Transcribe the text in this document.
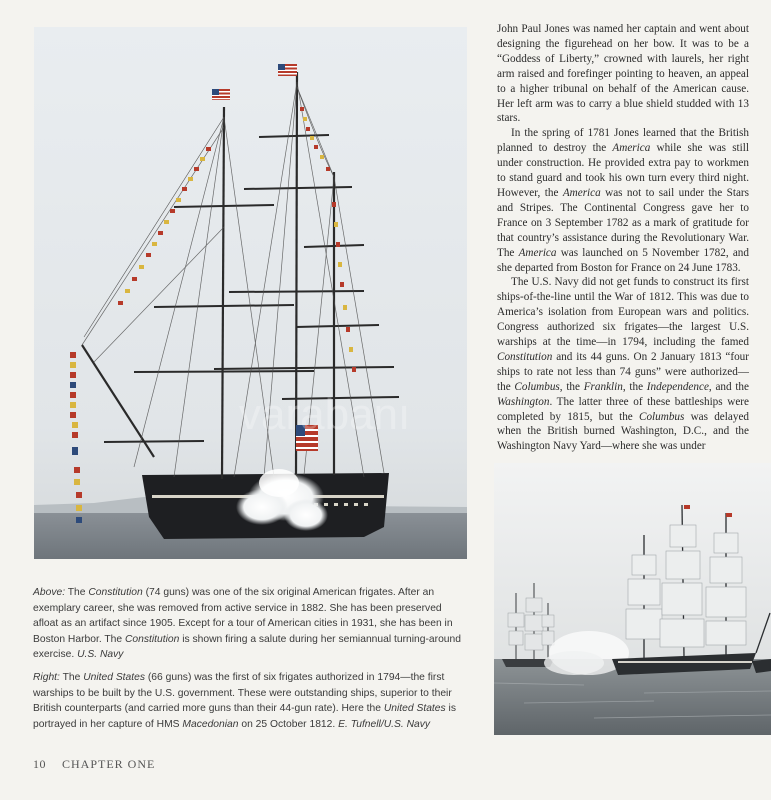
varabanı

John Paul Jones was named her captain and went about designing the figurehead on her bow. It was to be a “Goddess of Liberty,” crowned with laurels, her right arm raised and forefinger pointing to heaven, an appeal to a higher tribunal on behalf of the American cause. Her left arm was to carry a blue shield studded with 13 stars.

In the spring of 1781 Jones learned that the British planned to destroy the America while she was still under construction. He provided extra pay to workmen to stand guard and took his own turn every third night. However, the America was not to sail under the Stars and Stripes. The Continental Congress gave her to France on 3 September 1782 as a mark of gratitude for that country’s assistance during the Revolutionary War. The America was launched on 5 November 1782, and she departed from Boston for France on 24 June 1783.

The U.S. Navy did not get funds to construct its first ships-of-the-line until the War of 1812. This was due to America’s isolation from European wars and politics. Congress authorized six frigates—the largest U.S. warships at the time—in 1794, including the famed Constitution and its 44 guns. On 2 January 1813 “four ships to rate not less than 74 guns” were authorized—the Columbus, the Franklin, the Independence, and the Washington. The latter three of these battleships were completed by 1815, but the Columbus was delayed when the British burned Washington, D.C., and the Washington Navy Yard—where she was under

Above: The Constitution (74 guns) was one of the six original American frigates. After an exemplary career, she was removed from active service in 1882. She has been preserved afloat as an artifact since 1905. Except for a tour of American cities in 1931, she has been in Boston Harbor. The Constitution is shown firing a salute during her semiannual turning-around exercise. U.S. Navy
Right: The United States (66 guns) was the first of six frigates authorized in 1794—the first warships to be built by the U.S. government. These were outstanding ships, superior to their British counterparts (and carried more guns than their 44-gun rate). Here the United States is portrayed in her capture of HMS Macedonian on 25 October 1812. E. Tufnell/U.S. Navy
10 CHAPTER ONE
